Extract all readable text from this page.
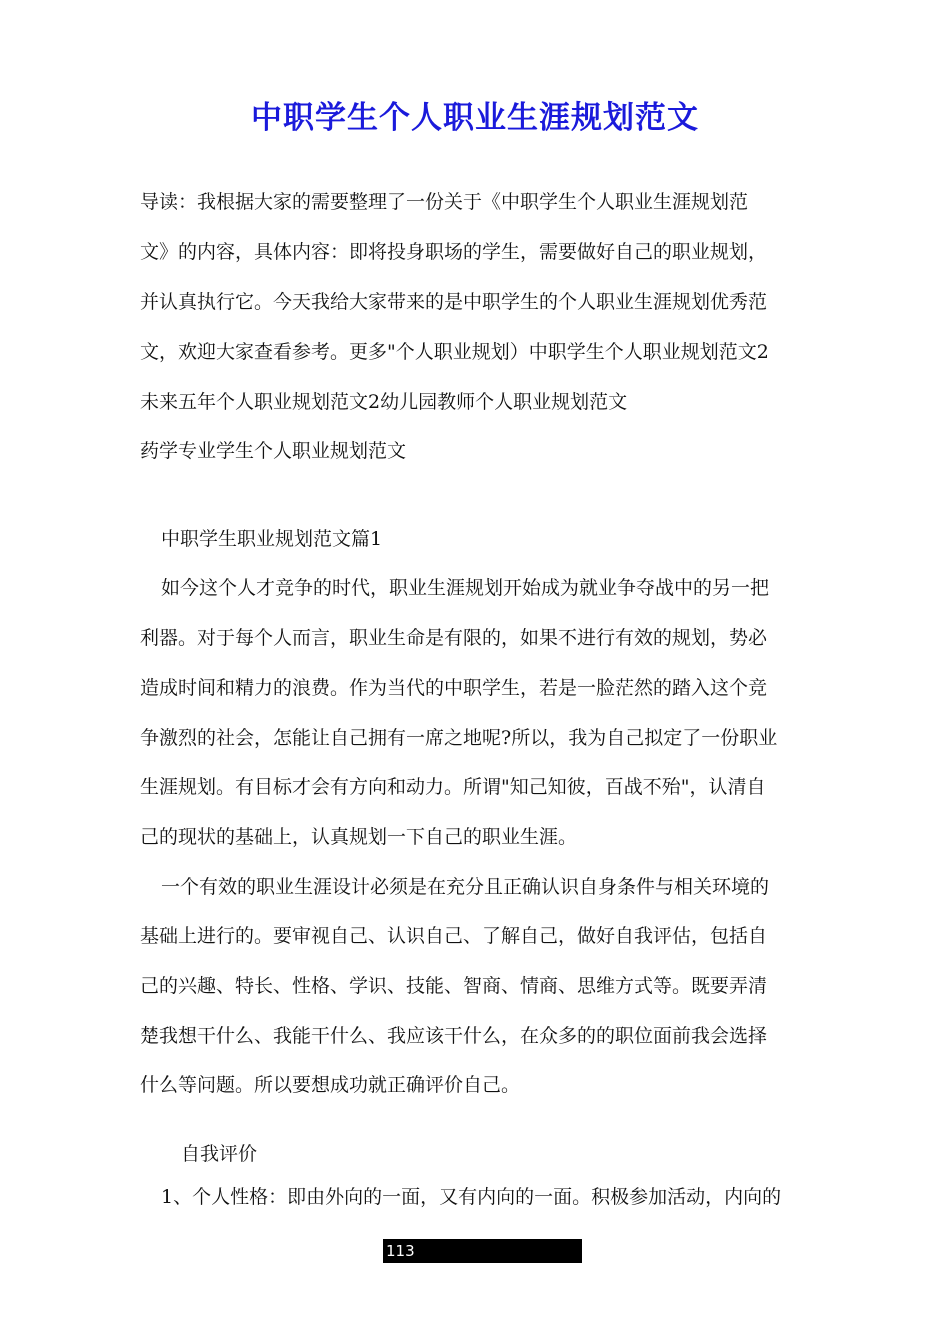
中职学生个人职业生涯规划范文
导读：我根据大家的需要整理了一份关于《中职学生个人职业生涯规划范
文》的内容，具体内容：即将投身职场的学生，需要做好自己的职业规划，
并认真执行它。今天我给大家带来的是中职学生的个人职业生涯规划优秀范
文，欢迎大家查看参考。更多"个人职业规划）中职学生个人职业规划范文2
未来五年个人职业规划范文2幼儿园教师个人职业规划范文
药学专业学生个人职业规划范文
中职学生职业规划范文篇1
如今这个人才竞争的时代，职业生涯规划开始成为就业争夺战中的另一把
利器。对于每个人而言，职业生命是有限的，如果不进行有效的规划，势必
造成时间和精力的浪费。作为当代的中职学生，若是一脸茫然的踏入这个竞
争激烈的社会，怎能让自己拥有一席之地呢?所以，我为自己拟定了一份职业
生涯规划。有目标才会有方向和动力。所谓"知己知彼，百战不殆"，认清自
己的现状的基础上，认真规划一下自己的职业生涯。
一个有效的职业生涯设计必须是在充分且正确认识自身条件与相关环境的
基础上进行的。要审视自己、认识自己、了解自己，做好自我评估，包括自
己的兴趣、特长、性格、学识、技能、智商、情商、思维方式等。既要弄清
楚我想干什么、我能干什么、我应该干什么，在众多的的职位面前我会选择
什么等问题。所以要想成功就正确评价自己。
自我评价
1、个人性格：即由外向的一面，又有内向的一面。积极参加活动，内向的
113
